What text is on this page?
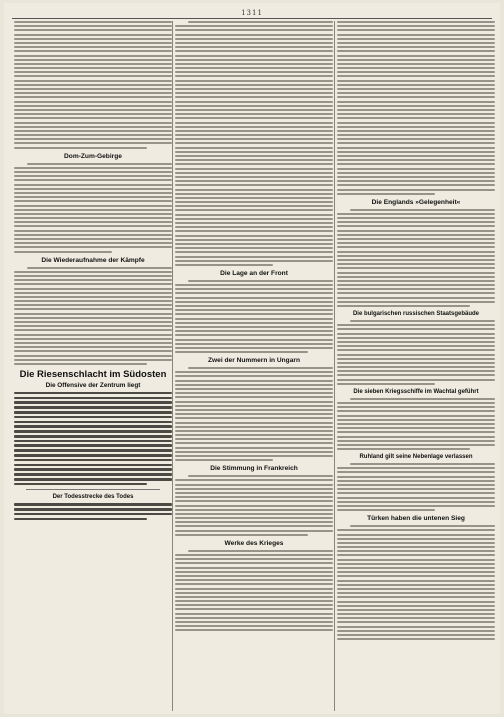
1311
Dom-Zum-Gebirge
Die Wiederaufnahme der Kämpfe
Die Riesenschlacht im Südosten
Die Offensive der Zentrum liegt
Der Todesstrecke des Todes
Die Lage an der Front
Zwei der Nummern in Ungarn
Die Stimmung in Frankreich
Werke des Krieges
Die Englands »Gelegenheit«
Die bulgarischen russischen Staatsgebäude
Die sieben Kriegsschiffe im Wachtal geführt
Ruhland gilt seine Nebenlage verlassen
Türken haben die untenen Sieg
